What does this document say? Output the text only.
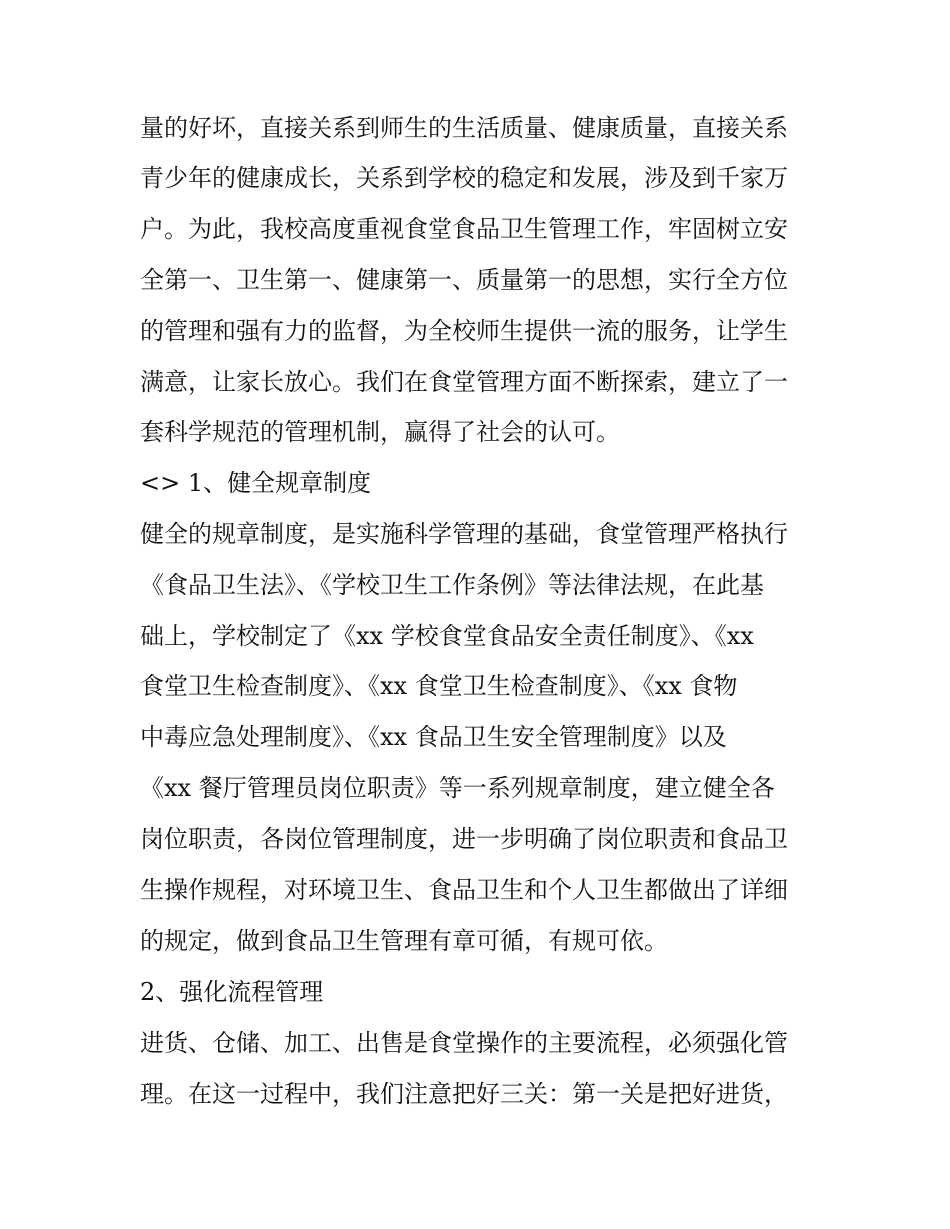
量的好坏，直接关系到师生的生活质量、健康质量，直接关系
青少年的健康成长，关系到学校的稳定和发展，涉及到千家万
户。为此，我校高度重视食堂食品卫生管理工作，牢固树立安
全第一、卫生第一、健康第一、质量第一的思想，实行全方位
的管理和强有力的监督，为全校师生提供一流的服务，让学生
满意，让家长放心。我们在食堂管理方面不断探索，建立了一
套科学规范的管理机制，赢得了社会的认可。
<> 1、健全规章制度
健全的规章制度，是实施科学管理的基础，食堂管理严格执行
《食品卫生法》、《学校卫生工作条例》等法律法规，在此基
础上，学校制定了《xx 学校食堂食品安全责任制度》、《xx
食堂卫生检查制度》、《xx 食堂卫生检查制度》、《xx 食物
中毒应急处理制度》、《xx 食品卫生安全管理制度》以及
《xx 餐厅管理员岗位职责》等一系列规章制度，建立健全各
岗位职责，各岗位管理制度，进一步明确了岗位职责和食品卫
生操作规程，对环境卫生、食品卫生和个人卫生都做出了详细
的规定，做到食品卫生管理有章可循，有规可依。
2、强化流程管理
进货、仓储、加工、出售是食堂操作的主要流程，必须强化管
理。在这一过程中，我们注意把好三关：第一关是把好进货，
